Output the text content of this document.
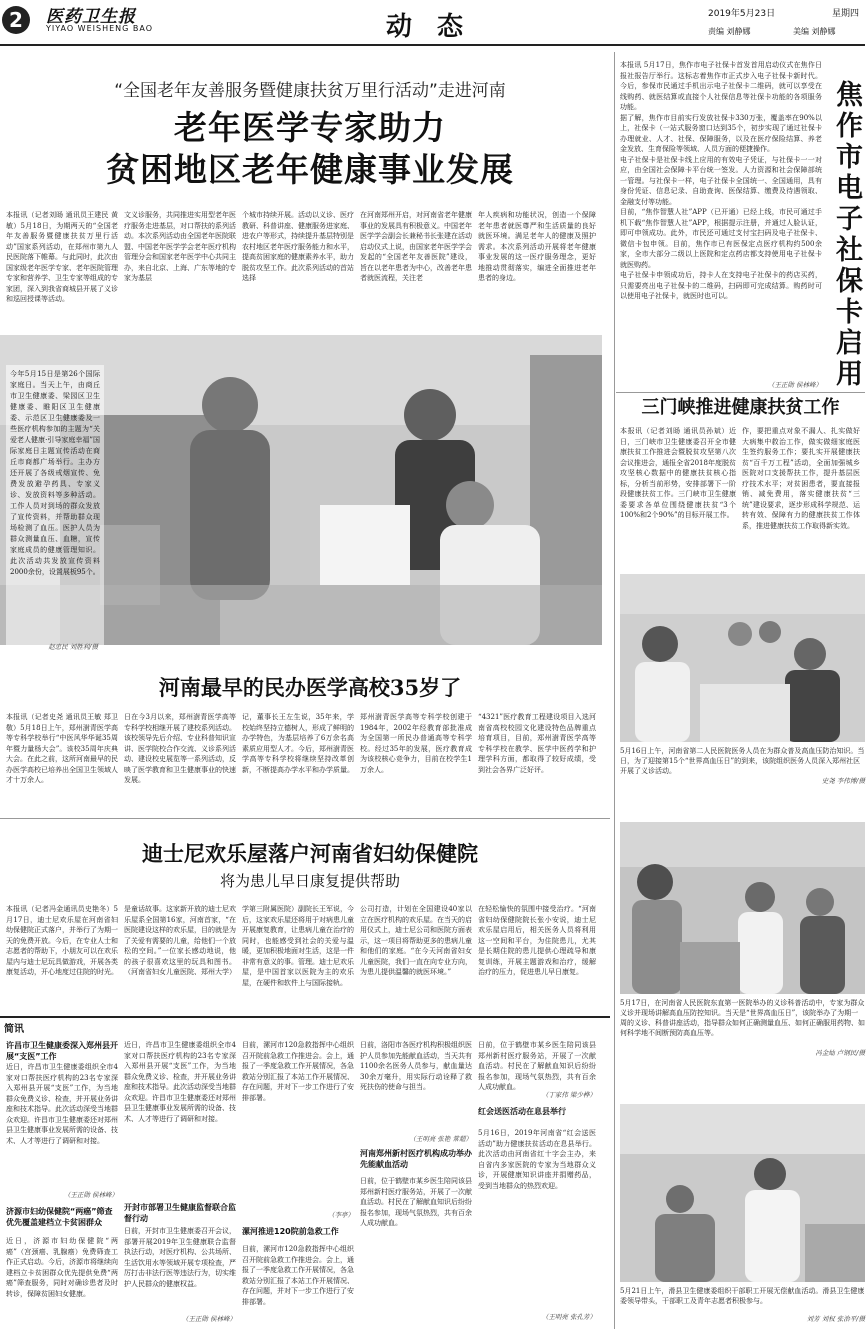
2	医药卫生报
YIYAO WEISHENG BAO	动 态	2019年5月23日	星期四
责编 刘静娜	美编 刘静娜
“全国老年友善服务暨健康扶贫万里行活动”走进河南
老年医学专家助力
贫困地区老年健康事业发展
本报讯（记者刘旸 通讯员王建民 黄敏）5月18日，为期两天的“全国老年友善服务暨健康扶贫万里行活动”国家系列活动，在郑州市第九人民医院落下帷幕。与此同时，此次由国家级老年医学专家、老年医院管理专家和营养学、卫生专家等组成的专家团，深入到我省商城县开展了义诊和巡回授课等活动。
文义诊服务，共同推进实用型老年医疗服务走进基层，对口帮扶的系列活动。本次系列活动由全国老年医院联盟、中国老年医学学会老年医疗机构管理分会和国家老年医学中心共同主办，来自北京、上海、广东等地的专家为基层
个城市持续开展。活动以义诊、医疗教研、科普讲座、健康服务进家庭、进农户等形式，持续提升基层特别是农村地区老年医疗服务能力和水平，提高贫困家庭的健康素养水平，助力脱贫攻坚工作。此次系列活动的首站选择
在河南郑州开启，对河南省老年健康事业的发展具有积极意义。中国老年医学学会副会长兼秘书长张建在活动启动仪式上说，由国家老年医学学会发起的“全国老年友善医院”建设，旨在以老年患者为中心，改善老年患者就医流程，关注老
年人疾病和功能状况，创造一个保障老年患者就医尊严和生活质量的良好就医环境。满足老年人的健康及照护需求。本次系列活动开展将老年健康事业发展的这一医疗服务理念，更好地推动贯彻落实，编进全面推进老年患者的身边。
今年5月15日是第26个国际家庭日。当天上午，由商丘市卫生健康委、梁园区卫生健康委、睢阳区卫生健康委、示范区卫生健康委及一些医疗机构参加的主题为“关爱老人健康·引导家庭幸福”国际家庭日主题宣传活动在商丘市商都广场举行。主办方还开展了各级戒烟宣传、免费发放避孕药具、专家义诊、发放资料等多种活动。工作人员对到场的群众发放了宣传资料，并帮助群众现场检测了血压。医护人员为群众测量血压、血糖，宣传家庭成员的健康管理知识。此次活动共发放宣传资料2000余份，设置展板95个。
赵忠民 刘胜利/摄
河南最早的民办医学高校35岁了
本报讯（记者史尧 通讯员王敏 郑卫敬）5月18日上午，郑州澍青医学高等专科学校举行“中医风华华诞35周年暨力量杨大会”。该校35周年庆典大会。在此之前，这所河南最早的民办医学高校已培养出全国卫生领域人才十万余人。
日在今3月以来，郑州澍青医学高等专科学校相继开展了建校系列活动。该校领导先后介绍、专业科普知识宣讲、医学院校合作交流、义诊系列活动、建设校史展览等一系列活动，反映了医学教育和卫生健康事业的快速发展。
记，董事长王左生说，35年来，学校始终坚持立德树人，形成了鲜明的办学特色，为基层培养了6万余名高素质应用型人才。今后，郑州澍青医学高等专科学校将继续坚持改革创新，不断提高办学水平和办学质量。
郑州澍青医学高等专科学校创建于1984年，2002年经教育部批准成为全国第一所民办普通高等专科学校。经过35年的发展，医疗教育成为该校核心竞争力，目前在校学生1万余人。
“4321”医疗教育工程建设项目入选河南省高校校园文化建设特色品牌重点培育项目，目前，郑州澍青医学高等专科学校在教学、医学中医药学和护理学科方面，都取得了较好成绩，受到社会各界广泛好评。
迪士尼欢乐屋落户河南省妇幼保健院
将为患儿早日康复提供帮助
本报讯（记者冯金通讯员史艳冬）5月17日，迪士尼欢乐屋在河南省妇幼保健院正式落户，并举行了为期一天的免费开放。今后，在专业人士和志愿者的帮助下，小朋友可以在欢乐屋内与迪士尼玩具做游戏，开展各类康复活动，开心地度过住院的时光。
是童话故事。这家新开放的迪士尼欢乐屋系全国第16家，河南首家，“在医院建设这样的欢乐屋，目的就是为了关爱有需要的儿童，给他们一个放松的空间。”一位家长感动地说，他的孩子很喜欢这里的玩具和图书。（河南省妇女儿童医院、郑州大学）
学第三附属医院）副院长王军说，今后，这家欢乐屋还将用于对病患儿童开展康复教育，让患病儿童在治疗的同时，也能感受到社会的关爱与温暖，更加积极地面对生活，这是一件非常有意义的事。管理。迪士尼欢乐屋，是中国首家以医院为主的欢乐屋，在硬件和软件上与国际接轨。
公司打造，计划在全国建设40家以立在医疗机构的欢乐屋。在当天的启用仪式上，迪士尼公司和医院方面表示，这一项目将帮助更多的患病儿童和他们的家庭。“在今天河南省妇女儿童医院，我们一直在向专业方向，为患儿提供温馨的就医环境。”
在轻松愉快的氛围中接受治疗。“河南省妇幼保健院院长张小安说，迪士尼欢乐屋启用后，相关医务人员将利用这一空间和平台，为住院患儿，尤其是长期住院的患儿提供心理疏导和康复训练，开展主题游戏和治疗，缓解治疗的压力，促进患儿早日康复。
简讯
许昌市卫生健康委深入郑州县开展“支医”工作
近日，许昌市卫生健康委组织全市4家对口帮扶医疗机构的23名专家深入郑州县开展“支医”工作，为当地群众免费义诊、检查，并开展业务讲座和技术指导。此次活动深受当地群众欢迎。许昌市卫生健康委还对郑州县卫生健康事业发展所需的设备、技术、人才等进行了调研和对接。
（王正勋 侯林峰）
济源市妇幼保健院“两癌”筛查优先覆盖建档立卡贫困群众
近日，济源市妇幼保健院“两癌”（宫颈癌、乳腺癌）免费筛查工作正式启动。今后，济源市将继续向建档立卡贫困群众优先提供免费“两癌”筛查服务，同时对确诊患者及时转诊，保障贫困妇女健康。
近日，许昌市卫生健康委组织全市4家对口帮扶医疗机构的23名专家深入郑州县开展“支医”工作，为当地群众免费义诊、检查，并开展业务讲座和技术指导。此次活动深受当地群众欢迎。许昌市卫生健康委还对郑州县卫生健康事业发展所需的设备、技术、人才等进行了调研和对接。
开封市部署卫生健康监督联合监督行动
日前，开封市卫生健康委召开会议，部署开展2019年卫生健康联合监督执法行动，对医疗机构、公共场所、生活饮用水等领域开展专项检查，严厉打击非法行医等违法行为，切实维护人民群众的健康权益。
（王正勋 侯林峰）
目前，漯河市120急救指挥中心组织召开院前急救工作推进会。会上，通报了一季度急救工作开展情况，各急救站分别汇报了本站工作开展情况、存在问题，并对下一步工作进行了安排部署。
（李亭）
漯河推进120院前急救工作
目前，漯河市120急救指挥中心组织召开院前急救工作推进会。会上，通报了一季度急救工作开展情况，各急救站分别汇报了本站工作开展情况、存在问题，并对下一步工作进行了安排部署。
日前，洛阳市各医疗机构积极组织医护人员参加先能献血活动，当天共有1100余名医务人员参与，献血量达30余万毫升，用实际行动诠释了救死扶伤的使命与担当。
（王明亮 张艳 常超）
河南郑州新村医疗机构成功举办先能献血活动
日前，位于鹤壁市某乡医生陪同该县郑州新村医疗服务站，开展了一次献血活动。村民在了解献血知识后纷纷报名参加，现场气氛热烈，共有百余人成功献血。
日前，位于鹤壁市某乡医生陪同该县郑州新村医疗服务站，开展了一次献血活动。村民在了解献血知识后纷纷报名参加，现场气氛热烈，共有百余人成功献血。
（丁家伟 梁少桦）
红会送医活动在息县举行
5月16日，2019年河南省“红会送医活动”助力健康扶贫活动在息县举行。此次活动由河南省红十字会主办，来自省内多家医院的专家为当地群众义诊，开展健康知识讲座并捐赠药品，受到当地群众的热烈欢迎。
（王明亮 张孔芳）
本报讯 5月17日，焦作市电子社保卡首发首用启动仪式在焦作日报社报告厅举行。这标志着焦作市正式步入电子社保卡新时代。今后，参保市民通过手机出示电子社保卡二维码，就可以享受在线购药、就医结算或直接个人社保信息等社保卡功能的各项服务功能。
据了解，焦作市目前实行发放社保卡330万张，覆盖率在90%以上，社保卡（一站式服务窗口达到35个，初步实现了通过社保卡办理就业、人才、社保、保障服务，以及在医疗保险结算、养老金发放、生育保险等领域、人员方面的便捷操作。
电子社保卡是社保卡线上应用的有效电子凭证，与社保卡一一对应，由全国社会保障卡平台统一签发。人力资源和社会保障部统一管理。与社保卡一样，电子社保卡全国统一、全国通用，具有身份凭证、信息记录、自助查询、医保结算、缴费及待遇领取、金融支付等功能。
目前，“焦作智慧人社”APP（已开通）已经上线，市民可通过手机下载“焦作智慧人社”APP，根据提示注册，并通过人脸认证，即可申领成功。此外，市民还可通过支付宝扫码及电子社保卡、微信卡包申领。目前，焦作市已有医保定点医疗机构约500余家，全市大部分二级以上医院和定点药店都支持使用电子社保卡就医购药。
电子社保卡申领成功后，持卡人在支持电子社保卡的药店买药，只需要亮出电子社保卡的二维码，扫码即可完成结算。购药时可以使用电子社保卡，就医时也可以。
（王正勋 侯林峰） 焦作市电子社保卡启用
三门峡推进健康扶贫工作
本报讯（记者刘旸 通讯员孙斌）近日，三门峡市卫生健康委召开全市健康扶贫工作推进会暨脱贫攻坚第八次会议推进会，通报全省2018年度脱贫攻坚核心数据中的健康扶贫核心指标，分析当前形势，安排部署下一阶段健康扶贫工作。三门峡市卫生健康委要求各单位围绕健康扶贫“3个100%和2个90%”的目标开展工作。
作，要把重点对象不漏人、扎实做好大病集中救治工作，做实做细家庭医生签约服务工作；要扎实开展健康扶贫“百千万工程”活动，全面加强城乡医院对口支援帮扶工作，提升基层医疗技术水平；对贫困患者，要直接报销、减免费用，落实健康扶贫“三统”建设要求，逐步形成科学规范、运转有效、保障有力的健康扶贫工作体系，推进健康扶贫工作取得新实效。
5月16日上午，河南省第二人民医院医务人员在为群众普及高血压防治知识。当日，为了迎接第15个“世界高血压日”的到来，该院组织医务人员深入郑州社区开展了义诊活动。
史尧 李伟博/摄
5月17日，在河南省人民医院东直第一医院举办的义诊科普活动中，专家为群众义诊并现场讲解高血压防控知识。当天是“世界高血压日”，该院举办了为期一周的义诊、科普讲座活动，指导群众如何正确测量血压、如何正确服用药物、如何科学地不间断预防高血压等。
冯金灿 卢钢民/摄
5月21日上午，滑县卫生健康委组织干部职工开展无偿献血活动。滑县卫生健康委领导带头，干部职工及青年志愿者积极参与。
刘芳 刘权 张治平/摄
